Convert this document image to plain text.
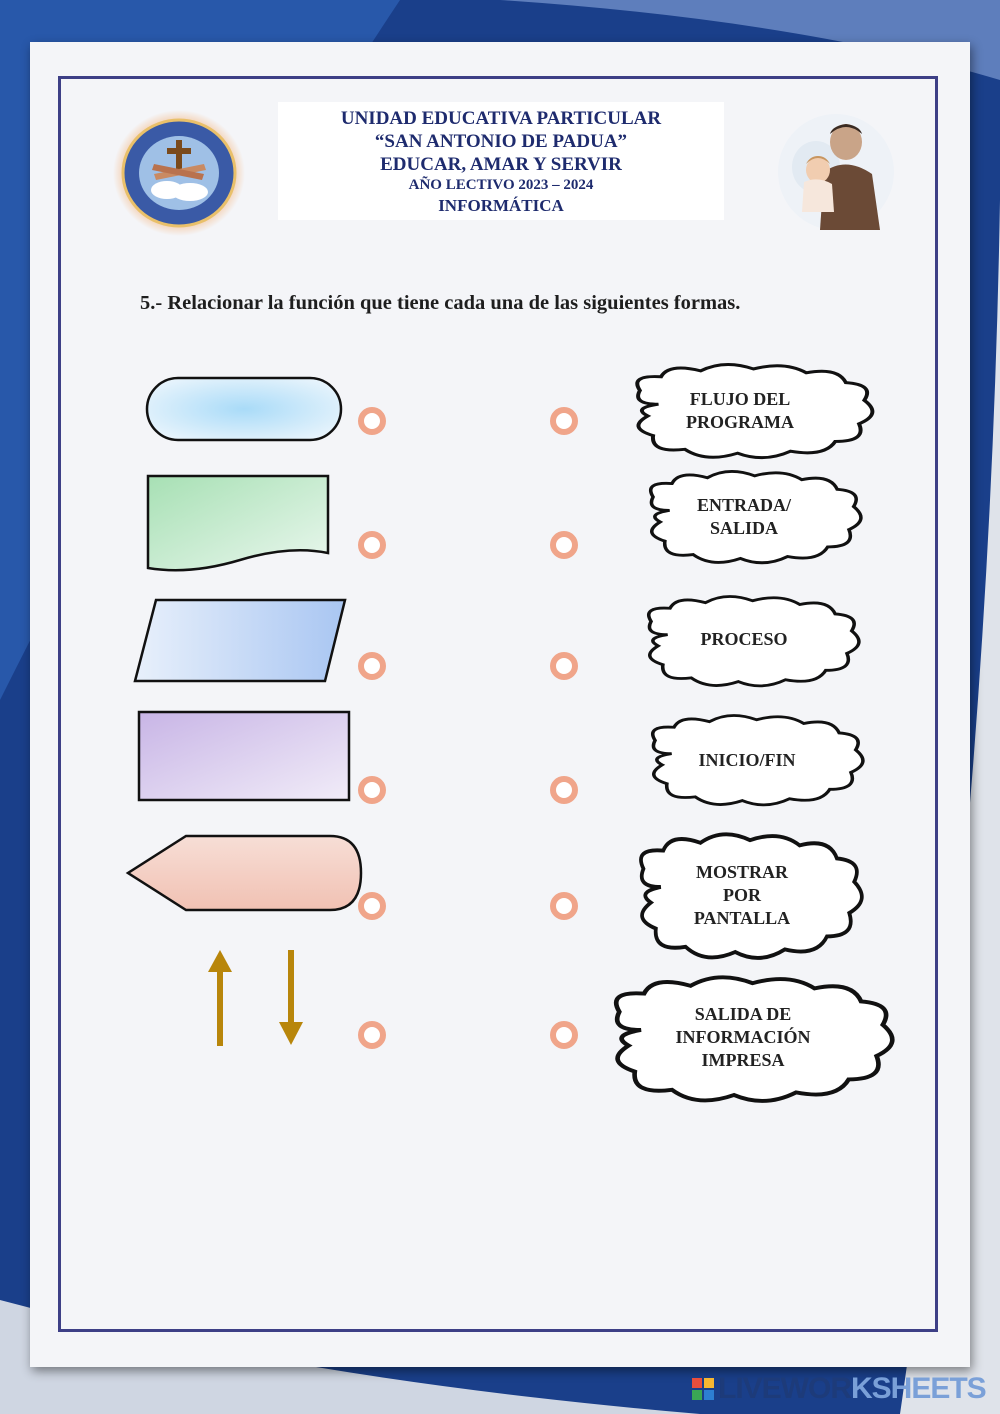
UNIDAD EDUCATIVA PARTICULAR
“SAN ANTONIO DE PADUA”
EDUCAR, AMAR Y SERVIR
AÑO LECTIVO 2023 – 2024
INFORMÁTICA
5.- Relacionar la función que tiene cada una de las siguientes formas.
FLUJO DEL
PROGRAMA
ENTRADA/
SALIDA
PROCESO
INICIO/FIN
MOSTRAR
POR
PANTALLA
SALIDA DE
INFORMACIÓN
IMPRESA
LIVEWOR KSHEETS
